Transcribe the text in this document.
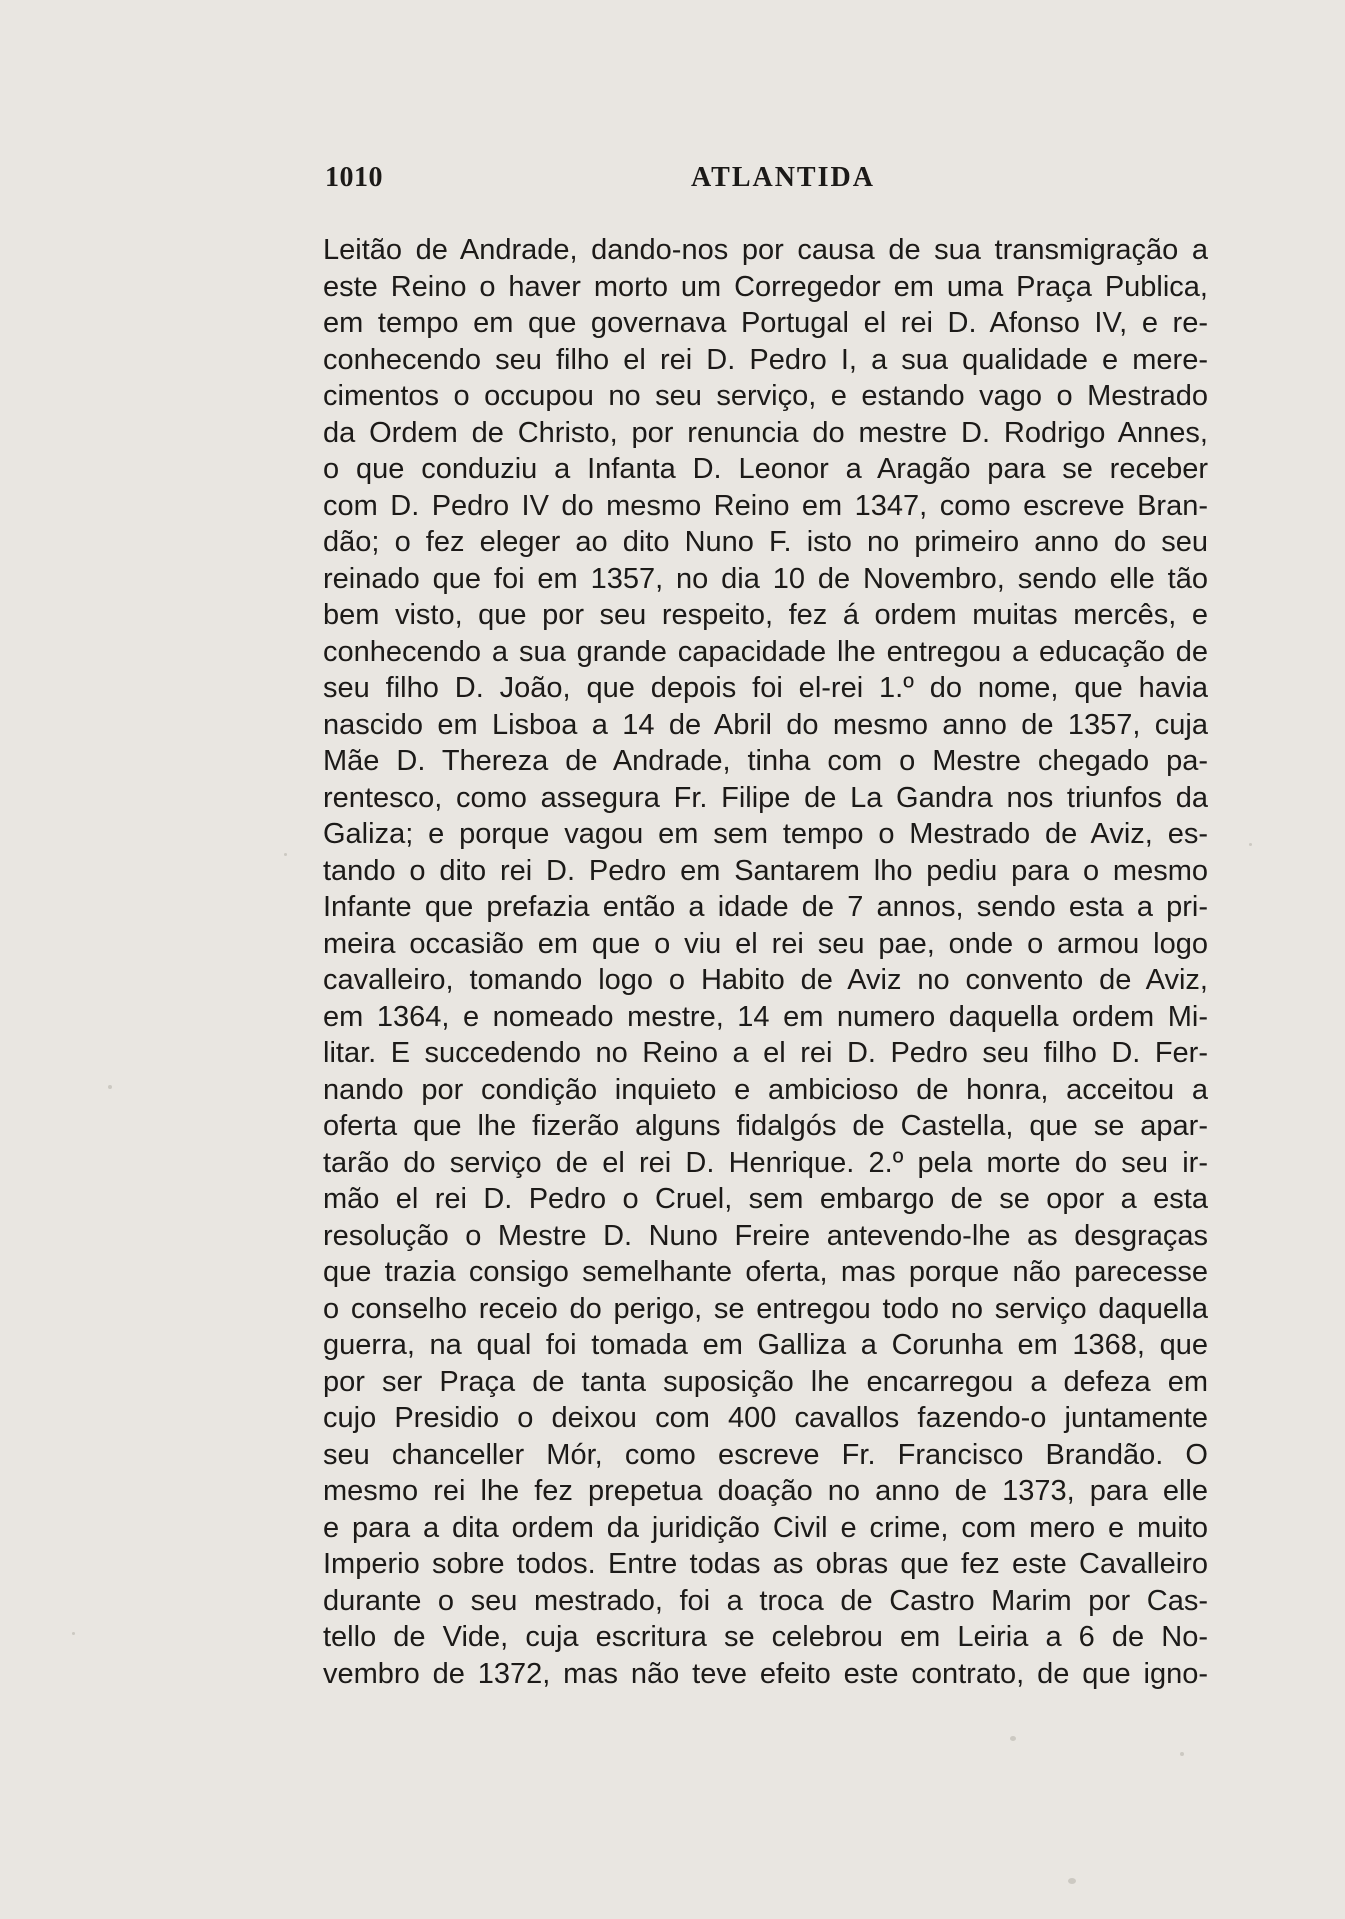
1010	ATLANTIDA
Leitão de Andrade, dando-nos por causa de sua transmigração a
este Reino o haver morto um Corregedor em uma Praça Publica,
em tempo em que governava Portugal el rei D. Afonso IV, e re-
conhecendo seu filho el rei D. Pedro I, a sua qualidade e mere-
cimentos o occupou no seu serviço, e estando vago o Mestrado
da Ordem de Christo, por renuncia do mestre D. Rodrigo Annes,
o que conduziu a Infanta D. Leonor a Aragão para se receber
com D. Pedro IV do mesmo Reino em 1347, como escreve Bran-
dão; o fez eleger ao dito Nuno F. isto no primeiro anno do seu
reinado que foi em 1357, no dia 10 de Novembro, sendo elle tão
bem visto, que por seu respeito, fez á ordem muitas mercês, e
conhecendo a sua grande capacidade lhe entregou a educação de
seu filho D. João, que depois foi el-rei 1.º do nome, que havia
nascido em Lisboa a 14 de Abril do mesmo anno de 1357, cuja
Mãe D. Thereza de Andrade, tinha com o Mestre chegado pa-
rentesco, como assegura Fr. Filipe de La Gandra nos triunfos da
Galiza; e porque vagou em sem tempo o Mestrado de Aviz, es-
tando o dito rei D. Pedro em Santarem lho pediu para o mesmo
Infante que prefazia então a idade de 7 annos, sendo esta a pri-
meira occasião em que o viu el rei seu pae, onde o armou logo
cavalleiro, tomando logo o Habito de Aviz no convento de Aviz,
em 1364, e nomeado mestre, 14 em numero daquella ordem Mi-
litar. E succedendo no Reino a el rei D. Pedro seu filho D. Fer-
nando por condição inquieto e ambicioso de honra, acceitou a
oferta que lhe fizerão alguns fidalgós de Castella, que se apar-
tarão do serviço de el rei D. Henrique. 2.º pela morte do seu ir-
mão el rei D. Pedro o Cruel, sem embargo de se opor a esta
resolução o Mestre D. Nuno Freire antevendo-lhe as desgraças
que trazia consigo semelhante oferta, mas porque não parecesse
o conselho receio do perigo, se entregou todo no serviço daquella
guerra, na qual foi tomada em Galliza a Corunha em 1368, que
por ser Praça de tanta suposição lhe encarregou a defeza em
cujo Presidio o deixou com 400 cavallos fazendo-o juntamente
seu chanceller Mór, como escreve Fr. Francisco Brandão. O
mesmo rei lhe fez prepetua doação no anno de 1373, para elle
e para a dita ordem da juridição Civil e crime, com mero e muito
Imperio sobre todos. Entre todas as obras que fez este Cavalleiro
durante o seu mestrado, foi a troca de Castro Marim por Cas-
tello de Vide, cuja escritura se celebrou em Leiria a 6 de No-
vembro de 1372, mas não teve efeito este contrato, de que igno-
